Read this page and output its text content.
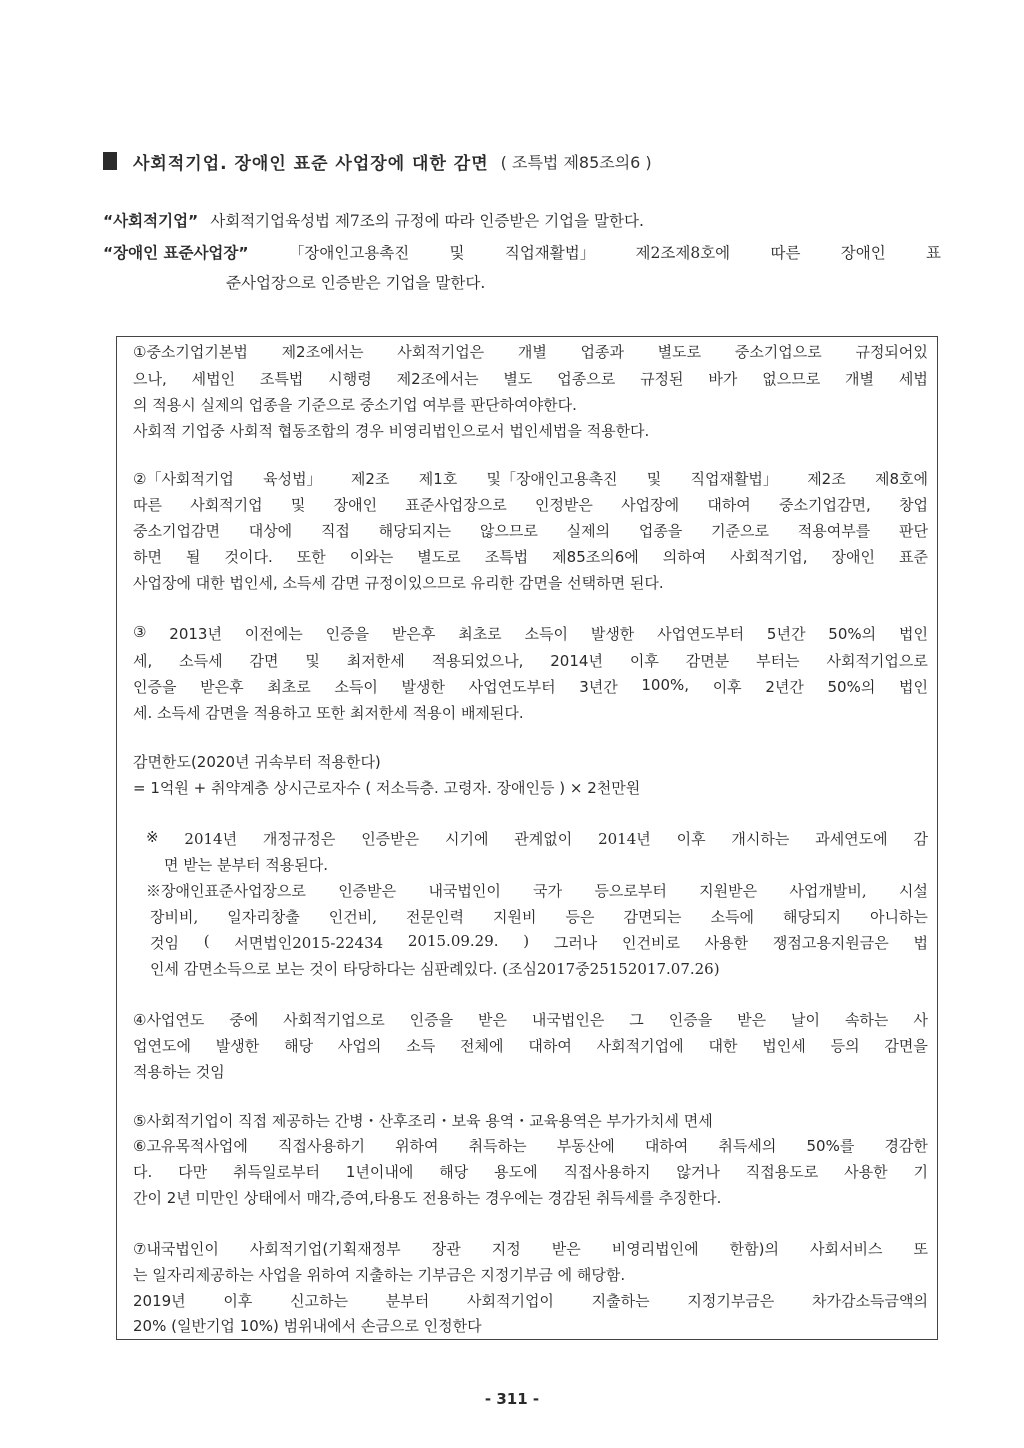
사회적기업. 장애인 표준 사업장에 대한 감면 ( 조특법 제85조의6 )
“사회적기업” 사회적기업육성법 제7조의 규정에 따라 인증받은 기업을 말한다.
“장애인 표준사업장”	「장애인고용촉진	및	직업재활법」	제2조제8호에	따른	장애인	표
준사업장으로 인증받은 기업을 말한다.
①중소기업기본법 제2조에서는 사회적기업은 개별 업종과 별도로 중소기업으로 규정되어있
으나, 세법인 조특법 시행령 제2조에서는 별도 업종으로 규정된 바가 없으므로 개별 세법
의 적용시 실제의 업종을 기준으로 중소기업 여부를 판단하여야한다.
사회적 기업중 사회적 협동조합의 경우 비영리법인으로서 법인세법을 적용한다.
②「사회적기업 육성법」 제2조 제1호 및「장애인고용촉진 및 직업재활법」 제2조 제8호에
따른 사회적기업 및 장애인 표준사업장으로 인정받은 사업장에 대하여 중소기업감면, 창업
중소기업감면 대상에 직접 해당되지는 않으므로 실제의 업종을 기준으로 적용여부를 판단
하면 될 것이다. 또한 이와는 별도로 조특법 제85조의6에 의하여 사회적기업, 장애인 표준
사업장에 대한 법인세, 소득세 감면 규정이있으므로 유리한 감면을 선택하면 된다.
③ 2013년 이전에는 인증을 받은후 최초로 소득이 발생한 사업연도부터 5년간 50%의 법인
세, 소득세 감면 및 최저한세 적용되었으나, 2014년 이후 감면분 부터는 사회적기업으로
인증을 받은후 최초로 소득이 발생한 사업연도부터 3년간 100%, 이후 2년간 50%의 법인
세. 소득세 감면을 적용하고 또한 최저한세 적용이 배제된다.
감면한도(2020년 귀속부터 적용한다)
= 1억원 + 취약계층 상시근로자수 ( 저소득층. 고령자. 장애인등 ) × 2천만원
※ 2014년 개정규정은 인증받은 시기에 관계없이 2014년 이후 개시하는 과세연도에 감
면 받는 분부터 적용된다.
※장애인표준사업장으로 인증받은 내국법인이 국가 등으로부터 지원받은 사업개발비, 시설
장비비, 일자리창출 인건비, 전문인력 지원비 등은 감면되는 소득에 해당되지 아니하는
것임 ( 서면법인2015-22434 2015.09.29. ) 그러나 인건비로 사용한 쟁점고용지원금은 법
인세 감면소득으로 보는 것이 타당하다는 심판례있다. (조심2017중25152017.07.26)
④사업연도 중에 사회적기업으로 인증을 받은 내국법인은 그 인증을 받은 날이 속하는 사
업연도에 발생한 해당 사업의 소득 전체에 대하여 사회적기업에 대한 법인세 등의 감면을
적용하는 것임
⑤사회적기업이 직접 제공하는 간병・산후조리・보육 용역・교육용역은 부가가치세 면세
⑥고유목적사업에 직접사용하기 위하여 취득하는 부동산에 대하여 취득세의 50%를 경감한
다. 다만 취득일로부터 1년이내에 해당 용도에 직접사용하지 않거나 직접용도로 사용한 기
간이 2년 미만인 상태에서 매각,증여,타용도 전용하는 경우에는 경감된 취득세를 추징한다.
⑦내국법인이 사회적기업(기획재정부 장관 지정 받은 비영리법인에 한함)의 사회서비스 또
는 일자리제공하는 사업을 위하여 지출하는 기부금은 지정기부금 에 해당함.
2019년	이후	신고하는	분부터	사회적기업이	지출하는	지정기부금은	차가감소득금액의
20% (일반기업 10%) 범위내에서 손금으로 인정한다
- 311 -
